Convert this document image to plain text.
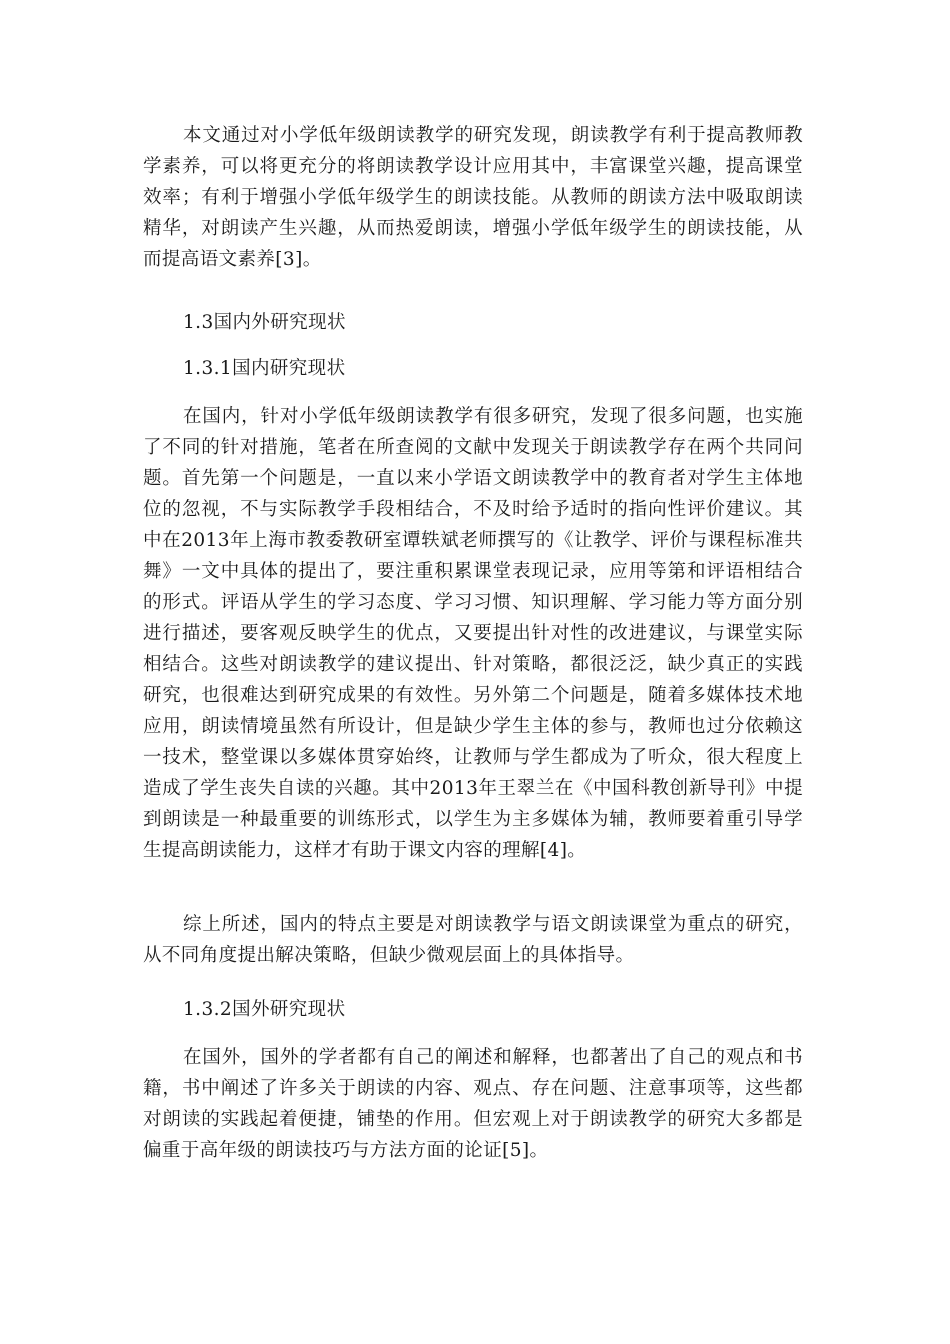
本文通过对小学低年级朗读教学的研究发现，朗读教学有利于提高教师教学素养，可以将更充分的将朗读教学设计应用其中，丰富课堂兴趣，提高课堂效率；有利于增强小学低年级学生的朗读技能。从教师的朗读方法中吸取朗读精华，对朗读产生兴趣，从而热爱朗读，增强小学低年级学生的朗读技能，从而提高语文素养[3]。

1.3国内外研究现状
1.3.1国内研究现状

在国内，针对小学低年级朗读教学有很多研究，发现了很多问题，也实施了不同的针对措施，笔者在所查阅的文献中发现关于朗读教学存在两个共同问题。首先第一个问题是，一直以来小学语文朗读教学中的教育者对学生主体地位的忽视，不与实际教学手段相结合，不及时给予适时的指向性评价建议。其中在2013年上海市教委教研室谭轶斌老师撰写的《让教学、评价与课程标准共舞》一文中具体的提出了，要注重积累课堂表现记录，应用等第和评语相结合的形式。评语从学生的学习态度、学习习惯、知识理解、学习能力等方面分别进行描述，要客观反映学生的优点，又要提出针对性的改进建议，与课堂实际相结合。这些对朗读教学的建议提出、针对策略，都很泛泛，缺少真正的实践研究，也很难达到研究成果的有效性。另外第二个问题是，随着多媒体技术地应用，朗读情境虽然有所设计，但是缺少学生主体的参与，教师也过分依赖这一技术，整堂课以多媒体贯穿始终，让教师与学生都成为了听众，很大程度上造成了学生丧失自读的兴趣。其中2013年王翠兰在《中国科教创新导刊》中提到朗读是一种最重要的训练形式，以学生为主多媒体为辅，教师要着重引导学生提高朗读能力，这样才有助于课文内容的理解[4]。

综上所述，国内的特点主要是对朗读教学与语文朗读课堂为重点的研究，从不同角度提出解决策略，但缺少微观层面上的具体指导。

1.3.2国外研究现状

在国外，国外的学者都有自己的阐述和解释，也都著出了自己的观点和书籍，书中阐述了许多关于朗读的内容、观点、存在问题、注意事项等，这些都对朗读的实践起着便捷，铺垫的作用。但宏观上对于朗读教学的研究大多都是偏重于高年级的朗读技巧与方法方面的论证[5]。
